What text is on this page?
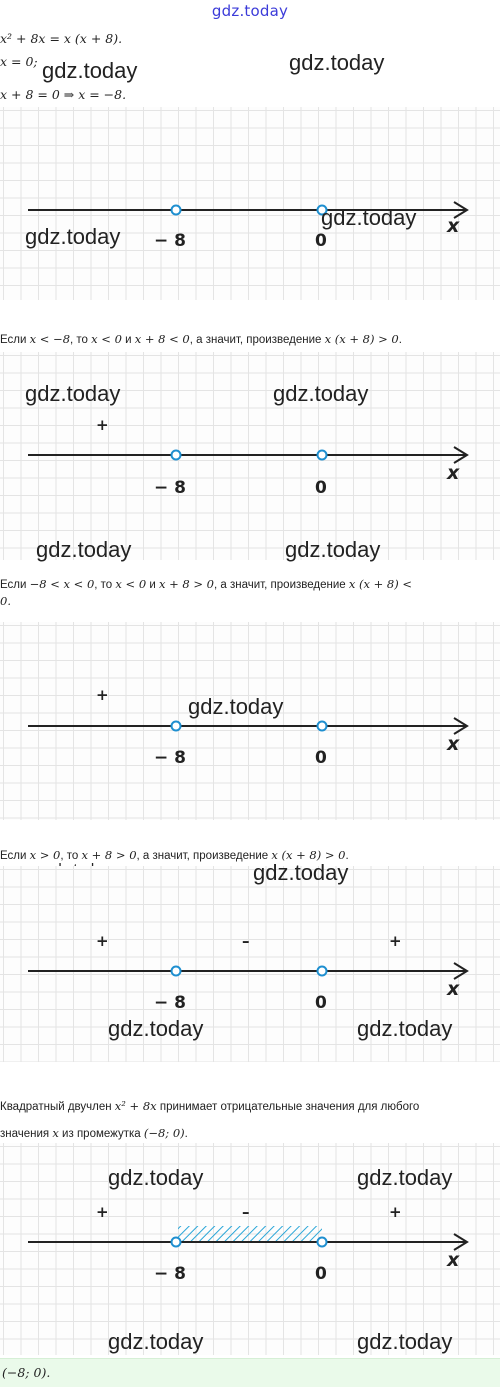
gdz.today
x² + 8x = x (x + 8).
x = 0;
x + 8 = 0 ⇒ x = −8.
gdz.today	gdz.today
− 8	0
x
gdz.today
gdz.today
Если x < −8, то x < 0 и x + 8 < 0, а значит, произведение x (x + 8) > 0.
+
− 8	0
x
gdz.today	gdz.today
gdz.today	gdz.today
Если −8 < x < 0, то x < 0 и x + 8 > 0, а значит, произведение x (x + 8) <
0.
+
− 8	0
x
gdz.today
Если x > 0, то x + 8 > 0, а значит, произведение x (x + 8) > 0.
+	–	+
− 8	0
x
gdz.today
gdz.today	gdz.today
Квадратный двучлен x² + 8x принимает отрицательные значения для любого
значения x из промежутка (−8; 0).
+	–	+
− 8	0
x
gdz.today	gdz.today
gdz.today	gdz.today
(−8; 0).
